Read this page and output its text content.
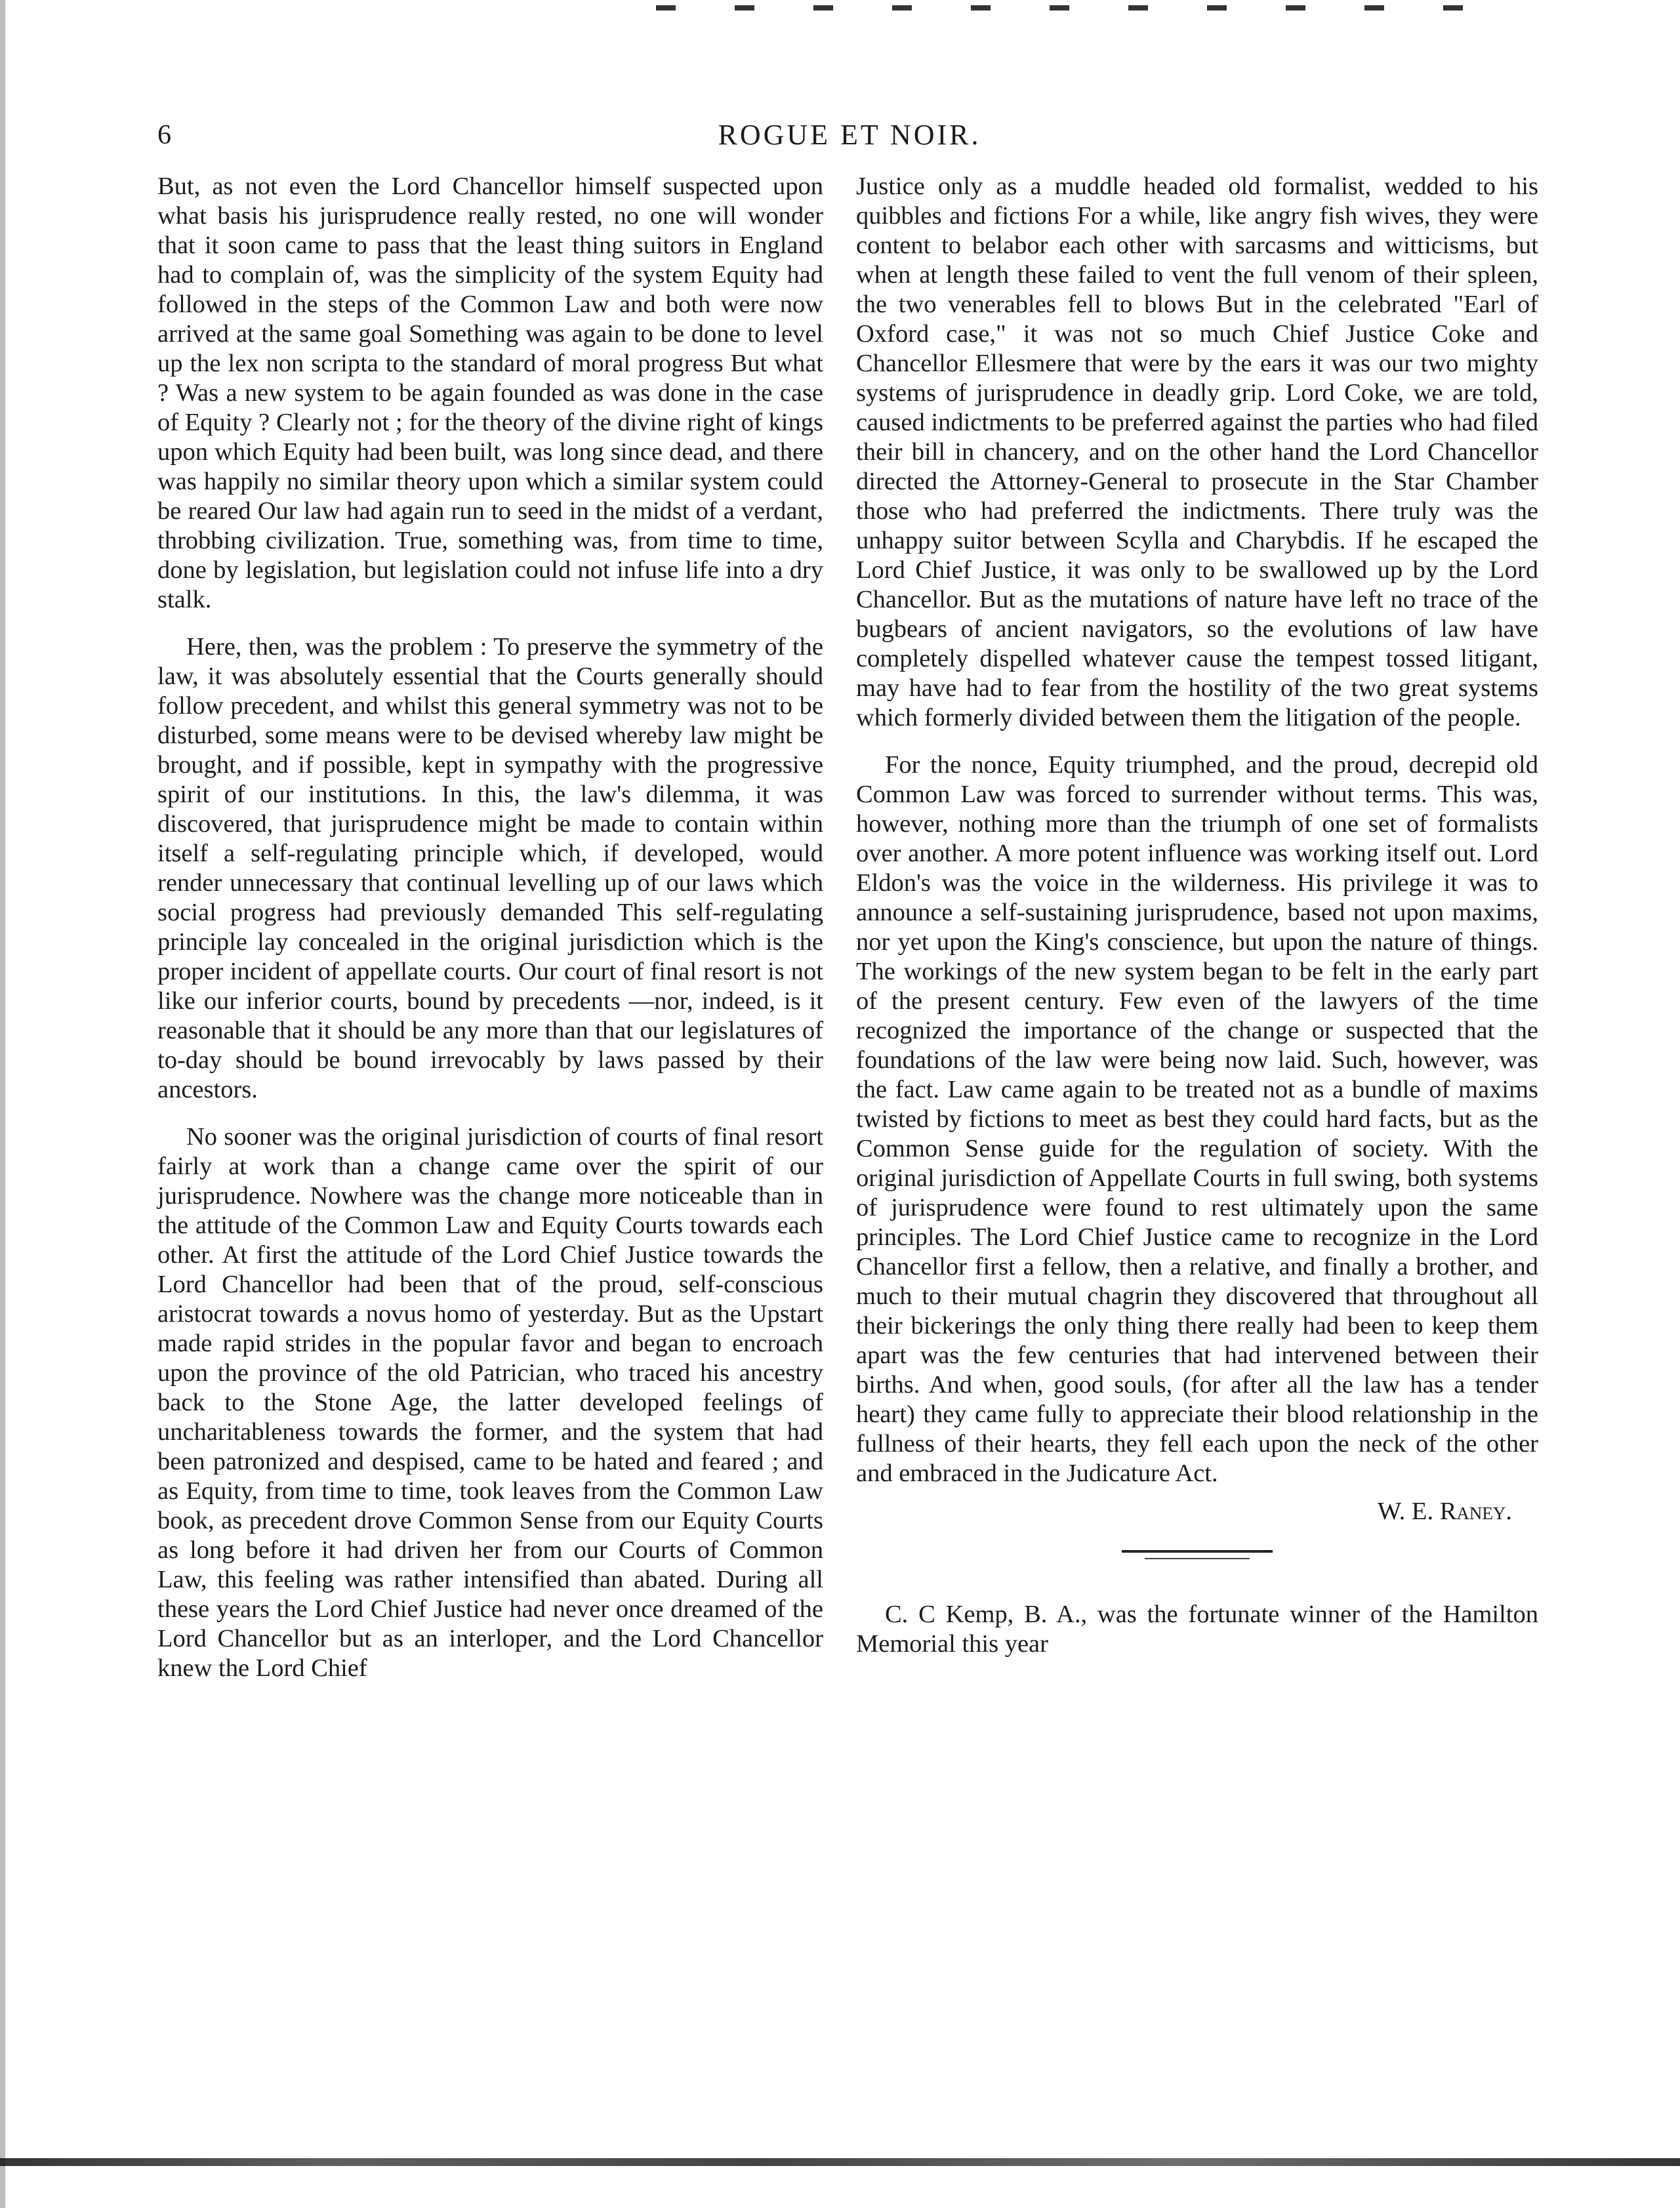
6	ROGUE ET NOIR.

But, as not even the Lord Chancellor himself suspected upon what basis his jurisprudence really rested, no one will wonder that it soon came to pass that the least thing suitors in England had to complain of, was the simplicity of the system Equity had followed in the steps of the Common Law and both were now arrived at the same goal Something was again to be done to level up the lex non scripta to the standard of moral progress But what ? Was a new system to be again founded as was done in the case of Equity ? Clearly not ; for the theory of the divine right of kings upon which Equity had been built, was long since dead, and there was happily no similar theory upon which a similar system could be reared Our law had again run to seed in the midst of a verdant, throbbing civilization. True, something was, from time to time, done by legislation, but legislation could not infuse life into a dry stalk.

Here, then, was the problem : To preserve the symmetry of the law, it was absolutely essential that the Courts generally should follow precedent, and whilst this general symmetry was not to be disturbed, some means were to be devised whereby law might be brought, and if possible, kept in sympathy with the progressive spirit of our institutions. In this, the law's dilemma, it was discovered, that jurisprudence might be made to contain within itself a self-regulating principle which, if developed, would render unnecessary that continual levelling up of our laws which social progress had previously demanded This self-regulating principle lay concealed in the original jurisdiction which is the proper incident of appellate courts. Our court of final resort is not like our inferior courts, bound by precedents —nor, indeed, is it reasonable that it should be any more than that our legislatures of to-day should be bound irrevocably by laws passed by their ancestors.

No sooner was the original jurisdiction of courts of final resort fairly at work than a change came over the spirit of our jurisprudence. Nowhere was the change more noticeable than in the attitude of the Common Law and Equity Courts towards each other. At first the attitude of the Lord Chief Justice towards the Lord Chancellor had been that of the proud, self-conscious aristocrat towards a novus homo of yesterday. But as the Upstart made rapid strides in the popular favor and began to encroach upon the province of the old Patrician, who traced his ancestry back to the Stone Age, the latter developed feelings of uncharitableness towards the former, and the system that had been patronized and despised, came to be hated and feared ; and as Equity, from time to time, took leaves from the Common Law book, as precedent drove Common Sense from our Equity Courts as long before it had driven her from our Courts of Common Law, this feeling was rather intensified than abated. During all these years the Lord Chief Justice had never once dreamed of the Lord Chancellor but as an interloper, and the Lord Chancellor knew the Lord Chief

Justice only as a muddle headed old formalist, wedded to his quibbles and fictions For a while, like angry fish wives, they were content to belabor each other with sarcasms and witticisms, but when at length these failed to vent the full venom of their spleen, the two venerables fell to blows But in the celebrated "Earl of Oxford case," it was not so much Chief Justice Coke and Chancellor Ellesmere that were by the ears it was our two mighty systems of jurisprudence in deadly grip. Lord Coke, we are told, caused indictments to be preferred against the parties who had filed their bill in chancery, and on the other hand the Lord Chancellor directed the Attorney-General to prosecute in the Star Chamber those who had preferred the indictments. There truly was the unhappy suitor between Scylla and Charybdis. If he escaped the Lord Chief Justice, it was only to be swallowed up by the Lord Chancellor. But as the mutations of nature have left no trace of the bugbears of ancient navigators, so the evolutions of law have completely dispelled whatever cause the tempest tossed litigant, may have had to fear from the hostility of the two great systems which formerly divided between them the litigation of the people.

For the nonce, Equity triumphed, and the proud, decrepid old Common Law was forced to surrender without terms. This was, however, nothing more than the triumph of one set of formalists over another. A more potent influence was working itself out. Lord Eldon's was the voice in the wilderness. His privilege it was to announce a self-sustaining jurisprudence, based not upon maxims, nor yet upon the King's conscience, but upon the nature of things. The workings of the new system began to be felt in the early part of the present century. Few even of the lawyers of the time recognized the importance of the change or suspected that the foundations of the law were being now laid. Such, however, was the fact. Law came again to be treated not as a bundle of maxims twisted by fictions to meet as best they could hard facts, but as the Common Sense guide for the regulation of society. With the original jurisdiction of Appellate Courts in full swing, both systems of jurisprudence were found to rest ultimately upon the same principles. The Lord Chief Justice came to recognize in the Lord Chancellor first a fellow, then a relative, and finally a brother, and much to their mutual chagrin they discovered that throughout all their bickerings the only thing there really had been to keep them apart was the few centuries that had intervened between their births. And when, good souls, (for after all the law has a tender heart) they came fully to appreciate their blood relationship in the fullness of their hearts, they fell each upon the neck of the other and embraced in the Judicature Act.

W. E. Raney.

C. C Kemp, B. A., was the fortunate winner of the Hamilton Memorial this year
